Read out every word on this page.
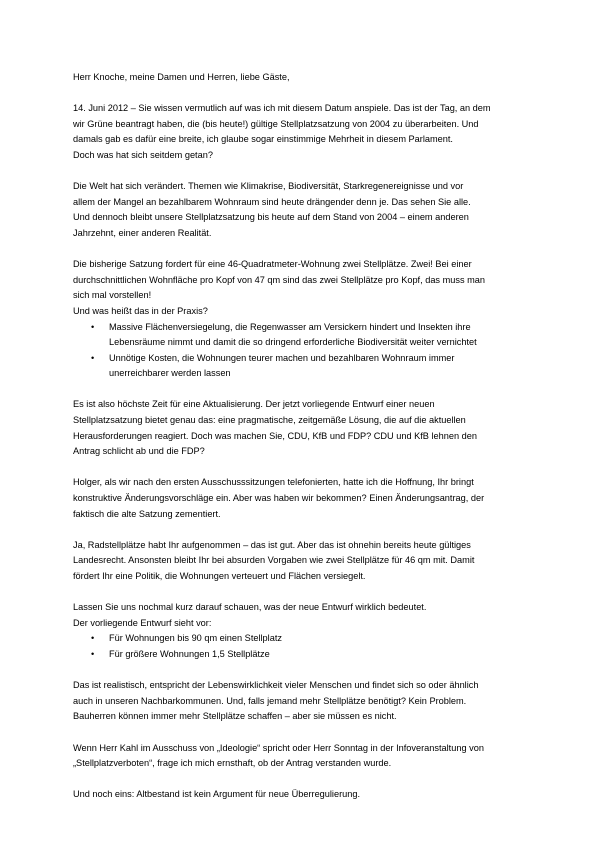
Herr Knoche, meine Damen und Herren, liebe Gäste,

14. Juni 2012 – Sie wissen vermutlich auf was ich mit diesem Datum anspiele. Das ist der Tag, an dem
wir Grüne beantragt haben, die (bis heute!) gültige Stellplatzsatzung von 2004 zu überarbeiten. Und
damals gab es dafür eine breite, ich glaube sogar einstimmige Mehrheit in diesem Parlament.
Doch was hat sich seitdem getan?

Die Welt hat sich verändert. Themen wie Klimakrise, Biodiversität, Starkregenereignisse und vor
allem der Mangel an bezahlbarem Wohnraum sind heute drängender denn je. Das sehen Sie alle.
Und dennoch bleibt unsere Stellplatzsatzung bis heute auf dem Stand von 2004 – einem anderen
Jahrzehnt, einer anderen Realität.

Die bisherige Satzung fordert für eine 46-Quadratmeter-Wohnung zwei Stellplätze. Zwei! Bei einer
durchschnittlichen Wohnfläche pro Kopf von 47 qm sind das zwei Stellplätze pro Kopf, das muss man
sich mal vorstellen!
Und was heißt das in der Praxis?

• Massive Flächenversiegelung, die Regenwasser am Versickern hindert und Insekten ihre
Lebensräume nimmt und damit die so dringend erforderliche Biodiversität weiter vernichtet
• Unnötige Kosten, die Wohnungen teurer machen und bezahlbaren Wohnraum immer
unerreichbarer werden lassen

Es ist also höchste Zeit für eine Aktualisierung. Der jetzt vorliegende Entwurf einer neuen
Stellplatzsatzung bietet genau das: eine pragmatische, zeitgemäße Lösung, die auf die aktuellen
Herausforderungen reagiert. Doch was machen Sie, CDU, KfB und FDP? CDU und KfB lehnen den
Antrag schlicht ab und die FDP?

Holger, als wir nach den ersten Ausschusssitzungen telefonierten, hatte ich die Hoffnung, Ihr bringt
konstruktive Änderungsvorschläge ein. Aber was haben wir bekommen? Einen Änderungsantrag, der
faktisch die alte Satzung zementiert.

Ja, Radstellplätze habt Ihr aufgenommen – das ist gut. Aber das ist ohnehin bereits heute gültiges
Landesrecht. Ansonsten bleibt Ihr bei absurden Vorgaben wie zwei Stellplätze für 46 qm mit. Damit
fördert Ihr eine Politik, die Wohnungen verteuert und Flächen versiegelt.

Lassen Sie uns nochmal kurz darauf schauen, was der neue Entwurf wirklich bedeutet.
Der vorliegende Entwurf sieht vor:

• Für Wohnungen bis 90 qm einen Stellplatz
• Für größere Wohnungen 1,5 Stellplätze

Das ist realistisch, entspricht der Lebenswirklichkeit vieler Menschen und findet sich so oder ähnlich
auch in unseren Nachbarkommunen. Und, falls jemand mehr Stellplätze benötigt? Kein Problem.
Bauherren können immer mehr Stellplätze schaffen – aber sie müssen es nicht.

Wenn Herr Kahl im Ausschuss von „Ideologie“ spricht oder Herr Sonntag in der Infoveranstaltung von
„Stellplatzverboten“, frage ich mich ernsthaft, ob der Antrag verstanden wurde.

Und noch eins: Altbestand ist kein Argument für neue Überregulierung.
